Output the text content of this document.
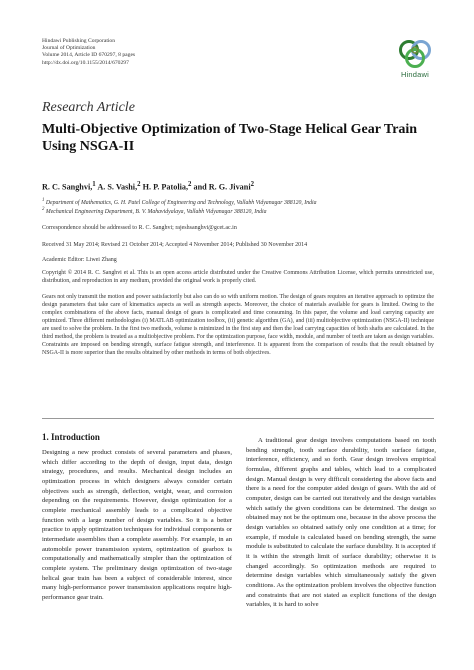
Hindawi Publishing Corporation
Journal of Optimization
Volume 2014, Article ID 670297, 8 pages
http://dx.doi.org/10.1155/2014/670297
Hindawi
Research Article
Multi-Objective Optimization of Two-Stage Helical Gear Train Using NSGA-II
R. C. Sanghvi,$^1$ A. S. Vashi,$^2$ H. P. Patolia,$^2$ and R. G. Jivani$^2$
$^1$ Department of Mathematics, G. H. Patel College of Engineering and Technology, Vallabh Vidyanagar 388120, India
$^2$ Mechanical Engineering Department, B. V. Mahavidyalaya, Vallabh Vidyanagar 388120, India
Correspondence should be addressed to R. C. Sanghvi; rajeshsanghvi@gcet.ac.in
Received 31 May 2014; Revised 21 October 2014; Accepted 4 November 2014; Published 30 November 2014
Academic Editor: Liwei Zhang
Copyright © 2014 R. C. Sanghvi et al. This is an open access article distributed under the Creative Commons Attribution License, which permits unrestricted use, distribution, and reproduction in any medium, provided the original work is properly cited.
Gears not only transmit the motion and power satisfactorily but also can do so with uniform motion. The design of gears requires an iterative approach to optimize the design parameters that take care of kinematics aspects as well as strength aspects. Moreover, the choice of materials available for gears is limited. Owing to the complex combinations of the above facts, manual design of gears is complicated and time consuming. In this paper, the volume and load carrying capacity are optimized. Three different methodologies (i) MATLAB optimization toolbox, (ii) genetic algorithm (GA), and (iii) multiobjective optimization (NSGA-II) technique are used to solve the problem. In the first two methods, volume is minimized in the first step and then the load carrying capacities of both shafts are calculated. In the third method, the problem is treated as a multiobjective problem. For the optimization purpose, face width, module, and number of teeth are taken as design variables. Constraints are imposed on bending strength, surface fatigue strength, and interference. It is apparent from the comparison of results that the result obtained by NSGA-II is more superior than the results obtained by other methods in terms of both objectives.
1. Introduction
Designing a new product consists of several parameters and phases, which differ according to the depth of design, input data, design strategy, procedures, and results. Mechanical design includes an optimization process in which designers always consider certain objectives such as strength, deflection, weight, wear, and corrosion depending on the requirements. However, design optimization for a complete mechanical assembly leads to a complicated objective function with a large number of design variables. So it is a better practice to apply optimization techniques for individual components or intermediate assemblies than a complete assembly. For example, in an automobile power transmission system, optimization of gearbox is computationally and mathematically simpler than the optimization of complete system. The preliminary design optimization of two-stage helical gear train has been a subject of considerable interest, since many high-performance power transmission applications require high-performance gear train.
A traditional gear design involves computations based on tooth bending strength, tooth surface durability, tooth surface fatigue, interference, efficiency, and so forth. Gear design involves empirical formulas, different graphs and tables, which lead to a complicated design. Manual design is very difficult considering the above facts and there is a need for the computer aided design of gears. With the aid of computer, design can be carried out iteratively and the design variables which satisfy the given conditions can be determined. The design so obtained may not be the optimum one, because in the above process the design variables so obtained satisfy only one condition at a time; for example, if module is calculated based on bending strength, the same module is substituted to calculate the surface durability. It is accepted if it is within the strength limit of surface durability; otherwise it is changed accordingly. So optimization methods are required to determine design variables which simultaneously satisfy the given conditions. As the optimization problem involves the objective function and constraints that are not stated as explicit functions of the design variables, it is hard to solve
